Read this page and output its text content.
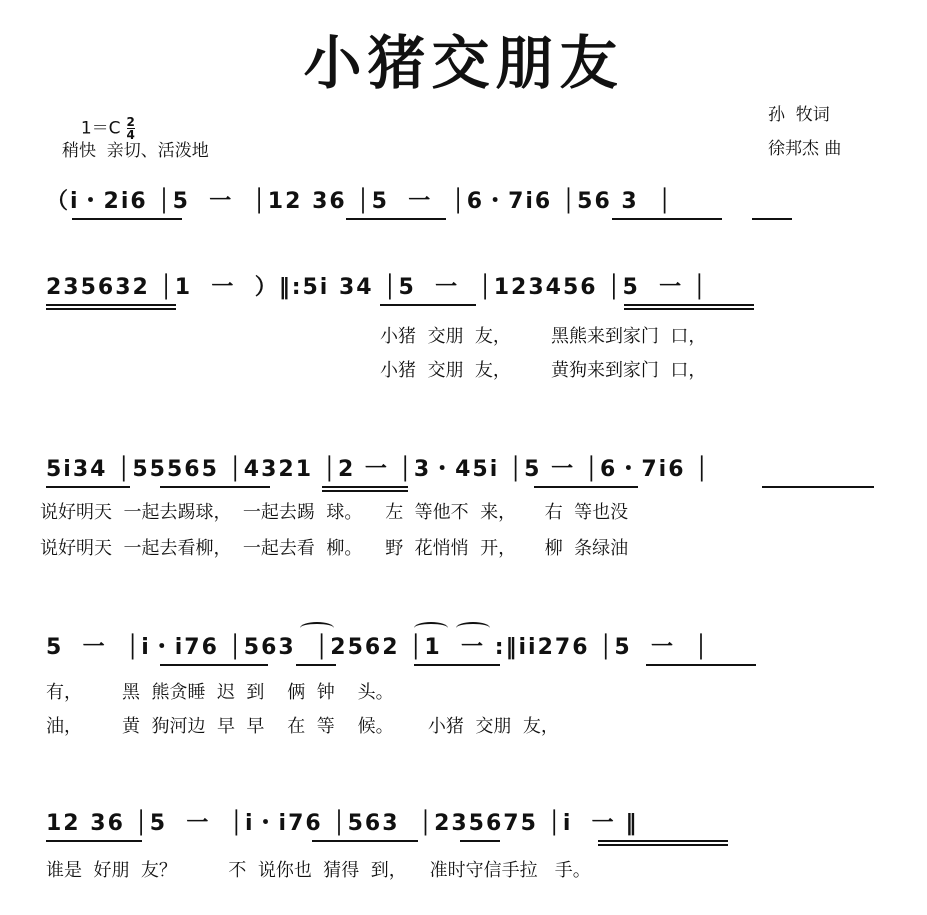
小猪交朋友

$1=C \frac{2}{4}$

稍快  亲切、活泼地
孙  牧词
徐邦杰 曲
（i・2i6 │5  一  │12 36 │5  一  │6・7i6 │56 3  │
235632 │1  一  ）‖:5i 34 │5  一  │123456 │5  一 │
小猪  交朋  友，       黑熊来到家门  口，
小猪  交朋  友，       黄狗来到家门  口，
5i34 │55565 │4321 │2 一 │3・45i │5 一 │6・7i6 │
说好明天  一起去踢球，  一起去踢  球。    左  等他不  来，     右  等也没
说好明天  一起去看柳，  一起去看  柳。    野  花悄悄  开，     柳  条绿油
5  一  │i・i76 │563  │2562 │1  一 :‖ii276 │5  一  │
有，       黑  熊贪睡  迟  到    俩  钟    头。
油，       黄  狗河边  早  早    在  等    候。      小猪  交朋  友，
12 36 │5  一  │i・i76 │563  │235675 │i  一 ‖
谁是  好朋  友？         不  说你也  猜得  到，    准时守信手拉   手。
